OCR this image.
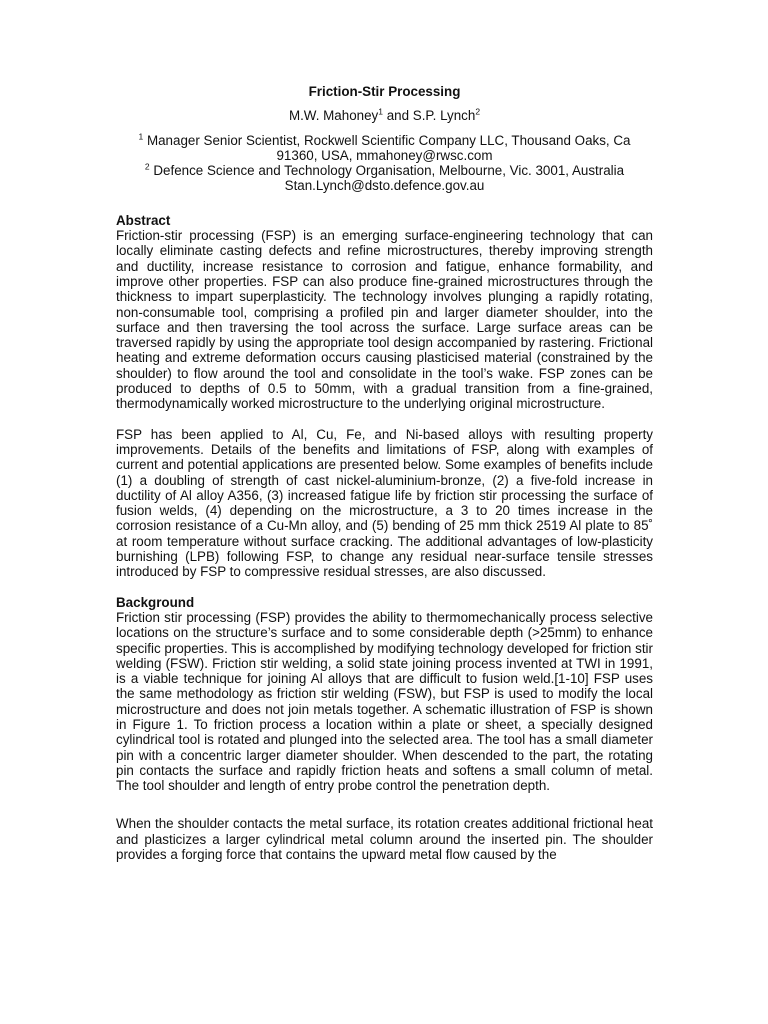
Friction-Stir Processing

M.W. Mahoney$^1$ and S.P. Lynch$^2$

$^1$ Manager Senior Scientist, Rockwell Scientific Company LLC, Thousand Oaks, Ca
91360, USA, mmahoney@rwsc.com

$^2$ Defence Science and Technology Organisation, Melbourne, Vic. 3001, Australia
Stan.Lynch@dsto.defence.gov.au

Abstract

Friction-stir processing (FSP) is an emerging surface-engineering technology that can locally eliminate casting defects and refine microstructures, thereby improving strength and ductility, increase resistance to corrosion and fatigue, enhance formability, and improve other properties. FSP can also produce fine-grained microstructures through the thickness to impart superplasticity. The technology involves plunging a rapidly rotating, non-consumable tool, comprising a profiled pin and larger diameter shoulder, into the surface and then traversing the tool across the surface. Large surface areas can be traversed rapidly by using the appropriate tool design accompanied by rastering. Frictional heating and extreme deformation occurs causing plasticised material (constrained by the shoulder) to flow around the tool and consolidate in the tool’s wake. FSP zones can be produced to depths of 0.5 to 50mm, with a gradual transition from a fine-grained, thermodynamically worked microstructure to the underlying original microstructure.

FSP has been applied to Al, Cu, Fe, and Ni-based alloys with resulting property improvements. Details of the benefits and limitations of FSP, along with examples of current and potential applications are presented below. Some examples of benefits include (1) a doubling of strength of cast nickel-aluminium-bronze, (2) a five-fold increase in ductility of Al alloy A356, (3) increased fatigue life by friction stir processing the surface of fusion welds, (4) depending on the microstructure, a 3 to 20 times increase in the corrosion resistance of a Cu-Mn alloy, and (5) bending of 25 mm thick 2519 Al plate to 85˚ at room temperature without surface cracking. The additional advantages of low-plasticity burnishing (LPB) following FSP, to change any residual near-surface tensile stresses introduced by FSP to compressive residual stresses, are also discussed.

Background

Friction stir processing (FSP) provides the ability to thermomechanically process selective locations on the structure’s surface and to some considerable depth (>25mm) to enhance specific properties. This is accomplished by modifying technology developed for friction stir welding (FSW). Friction stir welding, a solid state joining process invented at TWI in 1991, is a viable technique for joining Al alloys that are difficult to fusion weld.[1-10] FSP uses the same methodology as friction stir welding (FSW), but FSP is used to modify the local microstructure and does not join metals together. A schematic illustration of FSP is shown in Figure 1. To friction process a location within a plate or sheet, a specially designed cylindrical tool is rotated and plunged into the selected area. The tool has a small diameter pin with a concentric larger diameter shoulder. When descended to the part, the rotating pin contacts the surface and rapidly friction heats and softens a small column of metal. The tool shoulder and length of entry probe control the penetration depth.

When the shoulder contacts the metal surface, its rotation creates additional frictional heat and plasticizes a larger cylindrical metal column around the inserted pin. The shoulder provides a forging force that contains the upward metal flow caused by the
